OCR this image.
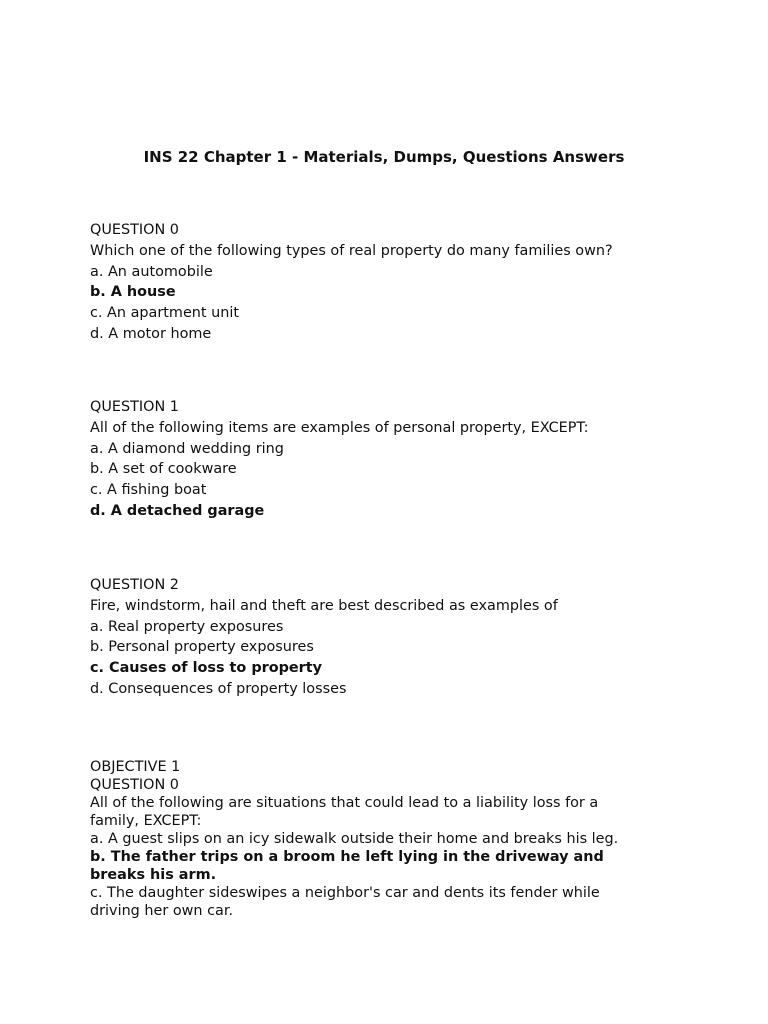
INS 22 Chapter 1 - Materials, Dumps, Questions Answers
QUESTION 0
Which one of the following types of real property do many families own?
a. An automobile
b. A house
c. An apartment unit
d. A motor home
QUESTION 1
All of the following items are examples of personal property, EXCEPT:
a. A diamond wedding ring
b. A set of cookware
c. A fishing boat
d. A detached garage
QUESTION 2
Fire, windstorm, hail and theft are best described as examples of
a. Real property exposures
b. Personal property exposures
c. Causes of loss to property
d. Consequences of property losses
OBJECTIVE 1
QUESTION 0
All of the following are situations that could lead to a liability loss for a family, EXCEPT:
a. A guest slips on an icy sidewalk outside their home and breaks his leg.
b. The father trips on a broom he left lying in the driveway and breaks his arm.
c. The daughter sideswipes a neighbor's car and dents its fender while driving her own car.
